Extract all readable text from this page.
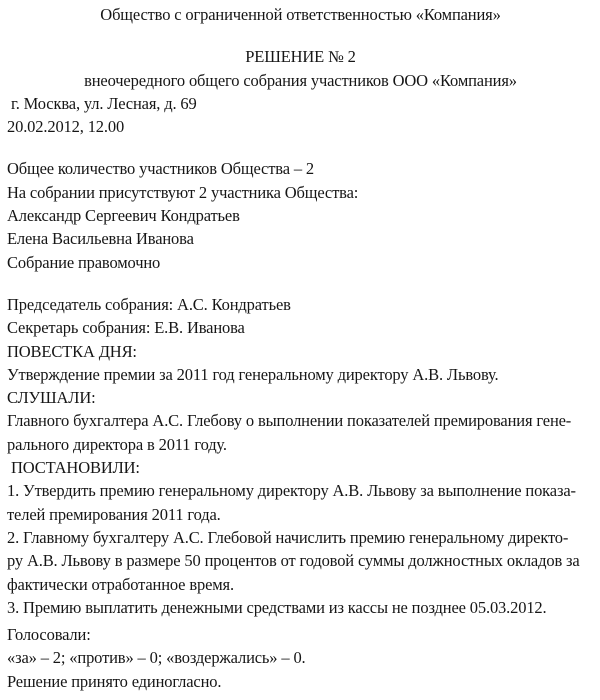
Общество с ограниченной ответственностью «Компания»
РЕШЕНИЕ № 2
внеочередного общего собрания участников ООО «Компания»
г. Москва, ул. Лесная, д. 69
20.02.2012, 12.00
Общее количество участников Общества – 2
На собрании присутствуют 2 участника Общества:
Александр Сергеевич Кондратьев
Елена Васильевна Иванова
Собрание правомочно
Председатель собрания: А.С. Кондратьев
Секретарь собрания: Е.В. Иванова
ПОВЕСТКА ДНЯ:
Утверждение премии за 2011 год генеральному директору А.В. Львову.
СЛУШАЛИ:
Главного бухгалтера А.С. Глебову о выполнении показателей премирования гене-
рального директора в 2011 году.
ПОСТАНОВИЛИ:
1. Утвердить премию генеральному директору А.В. Львову за выполнение показа-
телей премирования 2011 года.
2. Главному бухгалтеру А.С. Глебовой начислить премию генеральному директо-
ру А.В. Львову в размере 50 процентов от годовой суммы должностных окладов за
фактически отработанное время.
3. Премию выплатить денежными средствами из кассы не позднее 05.03.2012.
Голосовали:
«за» – 2; «против» – 0; «воздержались» – 0.
Решение принято единогласно.
